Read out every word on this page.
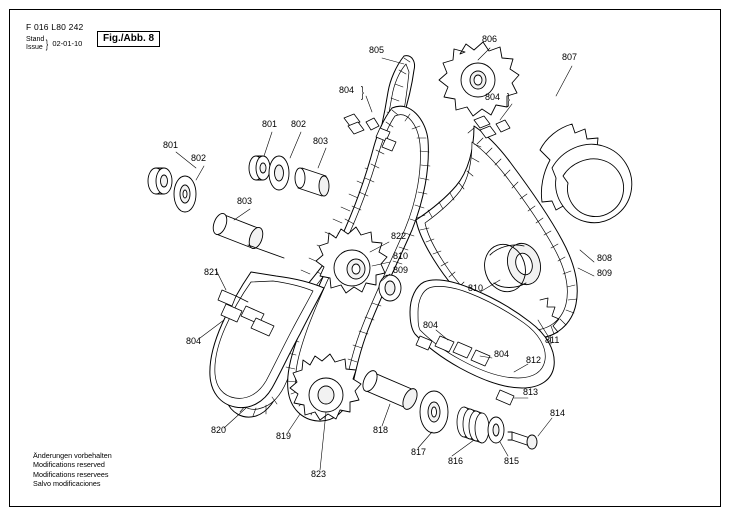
F 016 L80 242
Stand
Issue } 02-01-10	Fig./Abb. 8
Änderungen vorbehalten
Modifications reserved
Modifications reservees
Salvo modificaciones
801
802
803
821
804
820
801 802
803
804
805
806
804
807
822
810
809
810
808
809
811
804
804
812
813
814
815
816
817
818
819
823
}	}
